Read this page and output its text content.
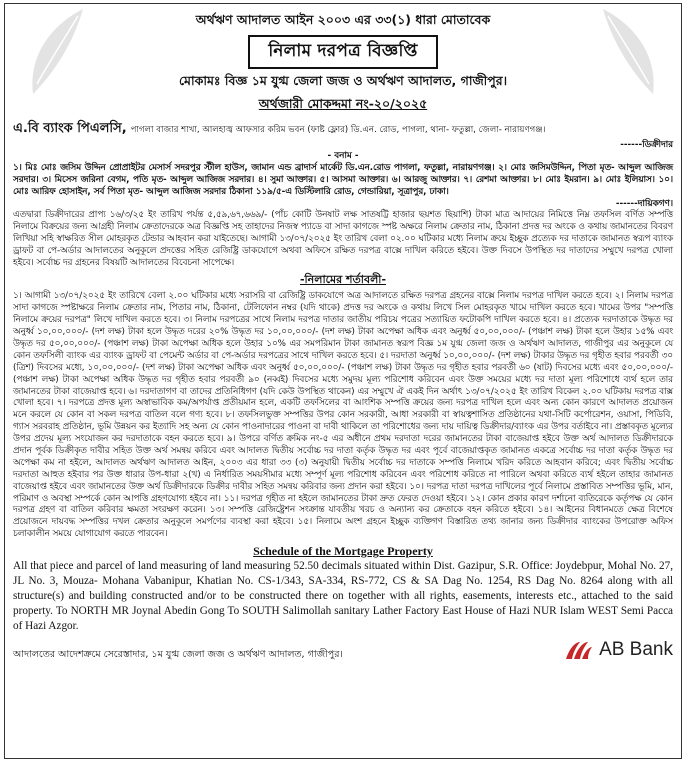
অর্থঋণ আদালত আইন ২০০৩ এর ৩৩(১) ধারা মোতাবেক
নিলাম দরপত্র বিজ্ঞপ্তি
মোকামঃ বিজ্ঞ ১ম যুগ্ম জেলা জজ ও অর্থঋণ আদালত, গাজীপুর।
অর্থজারী মোকদ্দমা নং-২০/২০২৫
এ.বি ব্যাংক পিএলসি, পাগলা বাজার শাখা, আলহাজ্ব আফসার করিম ভবন (ফাষ্ট ফ্লোর) ডি.এন. রোড, পাগলা, থানা- ফতুল্লা, জেলা- নারায়ণগঞ্জ।
------ডিক্রীদার
- বনাম -

১। মিঃ মোঃ জসিম উদ্দিন প্রোপ্রাইটর মেসার্স সদরপুর স্টীল হাউস, জামান এন্ড ব্রাদার্স মার্কেট ডি.এন.রোড পাগলা, ফতুল্লা, নারায়ণগঞ্জ। ২। মোঃ জসিমউদ্দিন, পিতা মৃত- আব্দুল আজিজ সরদার। ৩। মিসেস জরিনা বেগম, পতি মৃত- আব্দুল আজিজ সরদার। ৪। সুমা আক্তার। ৫। আসমা আক্তার। ৬। আরজু আক্তার। ৭। রেশমা আক্তার। ৮। মোঃ ইমরান। ৯। মোঃ ইলিয়াস। ১০। মোঃ আরিফ হোসাইন, সর্ব পিতা মৃত- আব্দুল আজিজ সরদার ঠিকানা ১১৯/৫-এ ডিস্টিলারি রোড, গেন্ডারিয়া, সূত্রাপুর, ঢাকা।

------দায়িকগণ।

এতদ্বারা ডিক্রীদারের প্রাপ্য ১৬/৩/২৫ ইং তারিখ পর্যন্ত ৫,৫৯,৬৭,৬৬৯/- (পাঁচ কোটি উনষাট লক্ষ সাতষট্টি হাজার ছয়শত ছিয়াশি) টাকা মাত্র আদায়ের নিমিত্তে নিম্ন তফসিল বর্ণিত সম্পত্তি নিলামে বিক্রয়ের জন্য আগ্রহী নিলাম ক্রেতাদেরকে অত্র বিজ্ঞপ্তি সহ তাহাদের নিজস্ব প্যাডে বা সাদা কাগজে স্পষ্ট অক্ষরে নিলাম ক্রেতার নাম, ঠিকানা প্রদত্ত দর অংকে ও কথায় জামানতের বিবরণ লিখিয়া সহি স্বাক্ষরিত সীল মোহরকৃত টেন্ডার আহবান করা যাইতেছে। আগামী ১৩/০৭/২০২৫ ইং তারিখ বেলা ০২.০০ ঘটিকার মধ্যে নিলাম ক্রয়ে ইচ্ছুক প্রত্যেক দর দাতাকে জামানত স্বরূপ ব্যাংক ড্রাফট বা পে-অর্ডার আদালতের অনুকূলে প্রদত্তের সহিত রেজিষ্ট্রি ডাকযোগে অথবা অফিসে রক্ষিত দরপত্র বাক্সে দাখিল করিতে হইবে। উক্ত দিবসে উপস্থিত দর দাতাদের সম্মুখে দরপত্র খোলা হইবে। সর্বোচ্চ দর গ্রহনের বিষয়টি আদালতের বিবেচনা সাপেক্ষে।

-নিলামের শর্তাবলী-

১। আগামী ১৩/০৭/২০২৫ ইং তারিখে বেলা ২.০০ ঘটিকার মধ্যে সরাসরি বা রেজিষ্ট্রি ডাকযোগে অত্র আদালতে রক্ষিত দরপত্র গ্রহনের বাক্সে নিলাম দরপত্র দাখিল করতে হবে। ২। নিলাম দরপত্র সাদা কাগজে স্পষ্টাক্ষরে নিলাম ক্রেতার নাম, পিতার নাম, ঠিকানা, টেলিফোন নম্বর (যদি থাকে) প্রদত্ত দর অংকে ও কথায় লিখে সিল মোহরকৃত খামে দাখিল করতে হবে। খামের উপর "সম্পত্তি নিলামে ক্রয়ের দরপত্র" লিখে দাখিল করতে হবে। ৩। নিলাম দরপত্রের সাথে নিলাম দরপত্র দাতার জাতীয় পরিচয় পত্রের সত্যায়িত ফটোকপি দাখিল করতে হবে। ৪। প্রত্যেক দরদাতাকে উদ্ধৃত দর অনুর্ধ্ব ১০,০০,০০০/- (দশ লক্ষ) টাকা হলে উদ্ধৃত দরের ২০% উদ্ধৃত দর ১০,০০,০০০/- (দশ লক্ষ) টাকা অপেক্ষা অধিক এবং অনুর্ধ্ব ৫০,০০,০০০/- (পঞ্চাশ লক্ষ) টাকা হলে উহার ১৫% এবং উদ্ধৃত দর ৫০,০০,০০০/- (পঞ্চাশ লক্ষ) টাকা অপেক্ষা অধিক হলে উহার ১০% এর সমপরিমান টাকা জামানত স্বরূপ বিজ্ঞ ১ম যুগ্ম জেলা জজ ও অর্থঋণ আদালত, গাজীপুর এর অনুকূলে যে কোন তফসিলী ব্যাংক এর ব্যাংক ড্রাফট বা পেমেন্ট অর্ডার বা পে-অর্ডার দরপত্রের সাথে দাখিল করতে হবে। ৫। দরদাতা অনুর্ধ্ব ১০,০০,০০০/- (দশ লক্ষ) টাকার উদ্ধৃত দর গৃহীত হবার পরবর্তী ৩০ (ত্রিশ) দিবসের মধ্যে, ১০,০০,০০০/- (দশ লক্ষ) টাকা অপেক্ষা অধিক এবং অনুর্ধ্ব ৫০,০০,০০০/- (পঞ্চাশ লক্ষ) টাকা উদ্ধৃত দর গৃহীত হবার পরবর্তী ৬০ (ষাট) দিবসের মধ্যে এবং ৫০,০০,০০০/- (পঞ্চাশ লক্ষ) টাকা অপেক্ষা অধিক উদ্ধৃত দর গৃহীত হবার পরবর্তী ৯০ (নব্বই) দিবসের মধ্যে সমুদয় মূল্য পরিশোধ করিবেন এবং উক্ত সময়ের মধ্যে দর দাতা মূল্য পরিশোধে ব্যর্থ হলে তার জামানতের টাকা বাজেয়াপ্ত হবে। ৬। দরদাতাগণ বা তাদের প্রতিনিধিগণ (যদি কেউ উপস্থিত থাকেন) এর সম্মুখে ঐ একই দিন অর্থাৎ ১৩/০৭/২০২৫ ইং তারিখ বিকেল ২.০০ ঘটিকায় দরপত্র বাক্স খোলা হবে। ৭। দরপত্রে প্রদত্ত মূল্য অস্বাভাবিক কম/অপর্যাপ্ত প্রতীয়মান হলে, একটি তফসিলের বা আংশিক সম্পত্তি ক্রয়ের জন্য দরপত্র দাখিল হলে এবং অন্য কোন কারণে আদালত প্রয়োজন মনে করলে যে কোন বা সকল দরপত্র বাতিল বলে গণ্য হবে। ৮। তফসিলভুক্ত সম্পত্তির উপর কোন সরকারী, আধা সরকারী বা স্বায়ত্বশাসিত প্রতিষ্ঠানের যথা-সিটি কর্পোরেশন, ওয়াসা, পিডিবি, গ্যাস সরবরাহ প্রতিষ্ঠান, ভূমি উন্নয়ন কর ইত্যাদি সহ অন্য যে কোন পাওনাদারের পাওনা বা দাবী থাকিলে তা পরিশোধের জন্য দায় দায়িত্ব ডিক্রীদার/ব্যাংক এর উপর বর্তাইবে না। প্রস্তাবকৃত মূল্যের উপর প্রদেয় মূল্য সংযোজন কর দরদাতাকে বহন করতে হবে। ৯। উপরে বর্ণিত ক্রমিক নং-৫ এর অধীনে প্রথম দরদাতা দরের জামানতের টাকা বাজেয়াপ্ত হইবে উক্ত অর্থ আদালত ডিক্রীদারকে প্রদান পূর্বক ডিক্রীকৃত দাবীর সহিত উক্ত অর্থ সমন্বয় করিবে এবং আদালত দ্বিতীয় সর্বোচ্চ দর দাতা কর্তৃক উদ্ধৃত দর এবং পূর্বে বাজেয়াপ্তকৃত জামানত একত্রে সর্বোচ্চ দর দাতা কর্তৃক উদ্ধৃত দর অপেক্ষা কম না হইলে, আদালত অর্থঋণ আদালত আইন, ২০০৩ এর ধারা ৩৩ (৩) অনুযায়ী দ্বিতীয় সর্বোচ্চ দর দাতাকে সম্পত্তি নিলামে খরিদ করিতে আহবান করিবে; এবং দ্বিতীয় সর্বোচ্চ দরদাতা আহুত হইবার পর উক্ত ধারার উপ-ধারা ২(খ) এ নির্ধারিত সময়সীমার মধ্যে সম্পূর্ণ মূল্য পরিশোধ করিবেন এবং পরিশোধ করিতে না পারিলে অথবা করিতে ব্যর্থ হইলে তাহার জামানত বাজেয়াপ্ত হইবে এবং জামানতের উক্ত অর্থ ডিক্রীদারকে ডিক্রীর দাবীর সহিত সমন্বয় করিবার জন্য প্রদান করা হইবে। ১০। দরপত্র দাতা দরপত্র দাখিলের পূর্বে নিলামে প্রস্তাবিত সম্পত্তির ভূমি, মান, পরিমাণ ও অবস্থা সম্পর্কে কোন আপত্তি গ্রহণযোগ্য হইবে না। ১১। দরপত্র গৃহীত না হইলে জামানতের টাকা দ্রুত ফেরত দেওয়া হইবে। ১২। কোন প্রকার কারণ দর্শানো ব্যতিরেকে কর্তৃপক্ষ যে কোন দরপত্র গ্রহণ বা বাতিল করিবার ক্ষমতা সংরক্ষণ করেন। ১৩। সম্পত্তি রেজিষ্ট্রেশন সংক্রান্ত যাবতীয় খরচ ও অন্যান্য কর ক্রেতাকে বহন করিতে হইবে। ১৪। আইনের বিধানমতে ক্ষেত্র বিশেষে প্রয়োজনে দায়বদ্ধ সম্পত্তির দখল ক্রেতার অনুকূলে সমর্পণের ব্যবস্থা করা হইবে। ১৫। নিলামে অংশ গ্রহনে ইচ্ছুক ব্যক্তিগণ বিস্তারিত তথ্য জানার জন্য ডিক্রীদার ব্যাংকের উপরোক্ত অফিস চলাকালীন সময়ে যোগাযোগ করতে পারবেন।

Schedule of the Mortgage Property

All that piece and parcel of land measuring of land measuring 52.50 decimals situated within Dist. Gazipur, S.R. Office: Joydebpur, Mohal No. 27, JL No. 3, Mouza- Mohana Vabanipur, Khatian No. CS-1/343, SA-334, RS-772, CS & SA Dag No. 1254, RS Dag No. 8264 along with all structure(s) and building constructed and/or to be constructed there on together with all rights, easements, interests etc., attached to the said property. To NORTH MR Joynal Abedin Gong To SOUTH Salimollah sanitary Lather Factory East House of Hazi NUR Islam WEST Semi Pacca of Hazi Azgor.

আদালতের আদেশক্রমে সেরেস্তাদার, ১ম যুগ্ম জেলা জজ ও অর্থঋণ আদালত, গাজীপুর।	AB Bank
